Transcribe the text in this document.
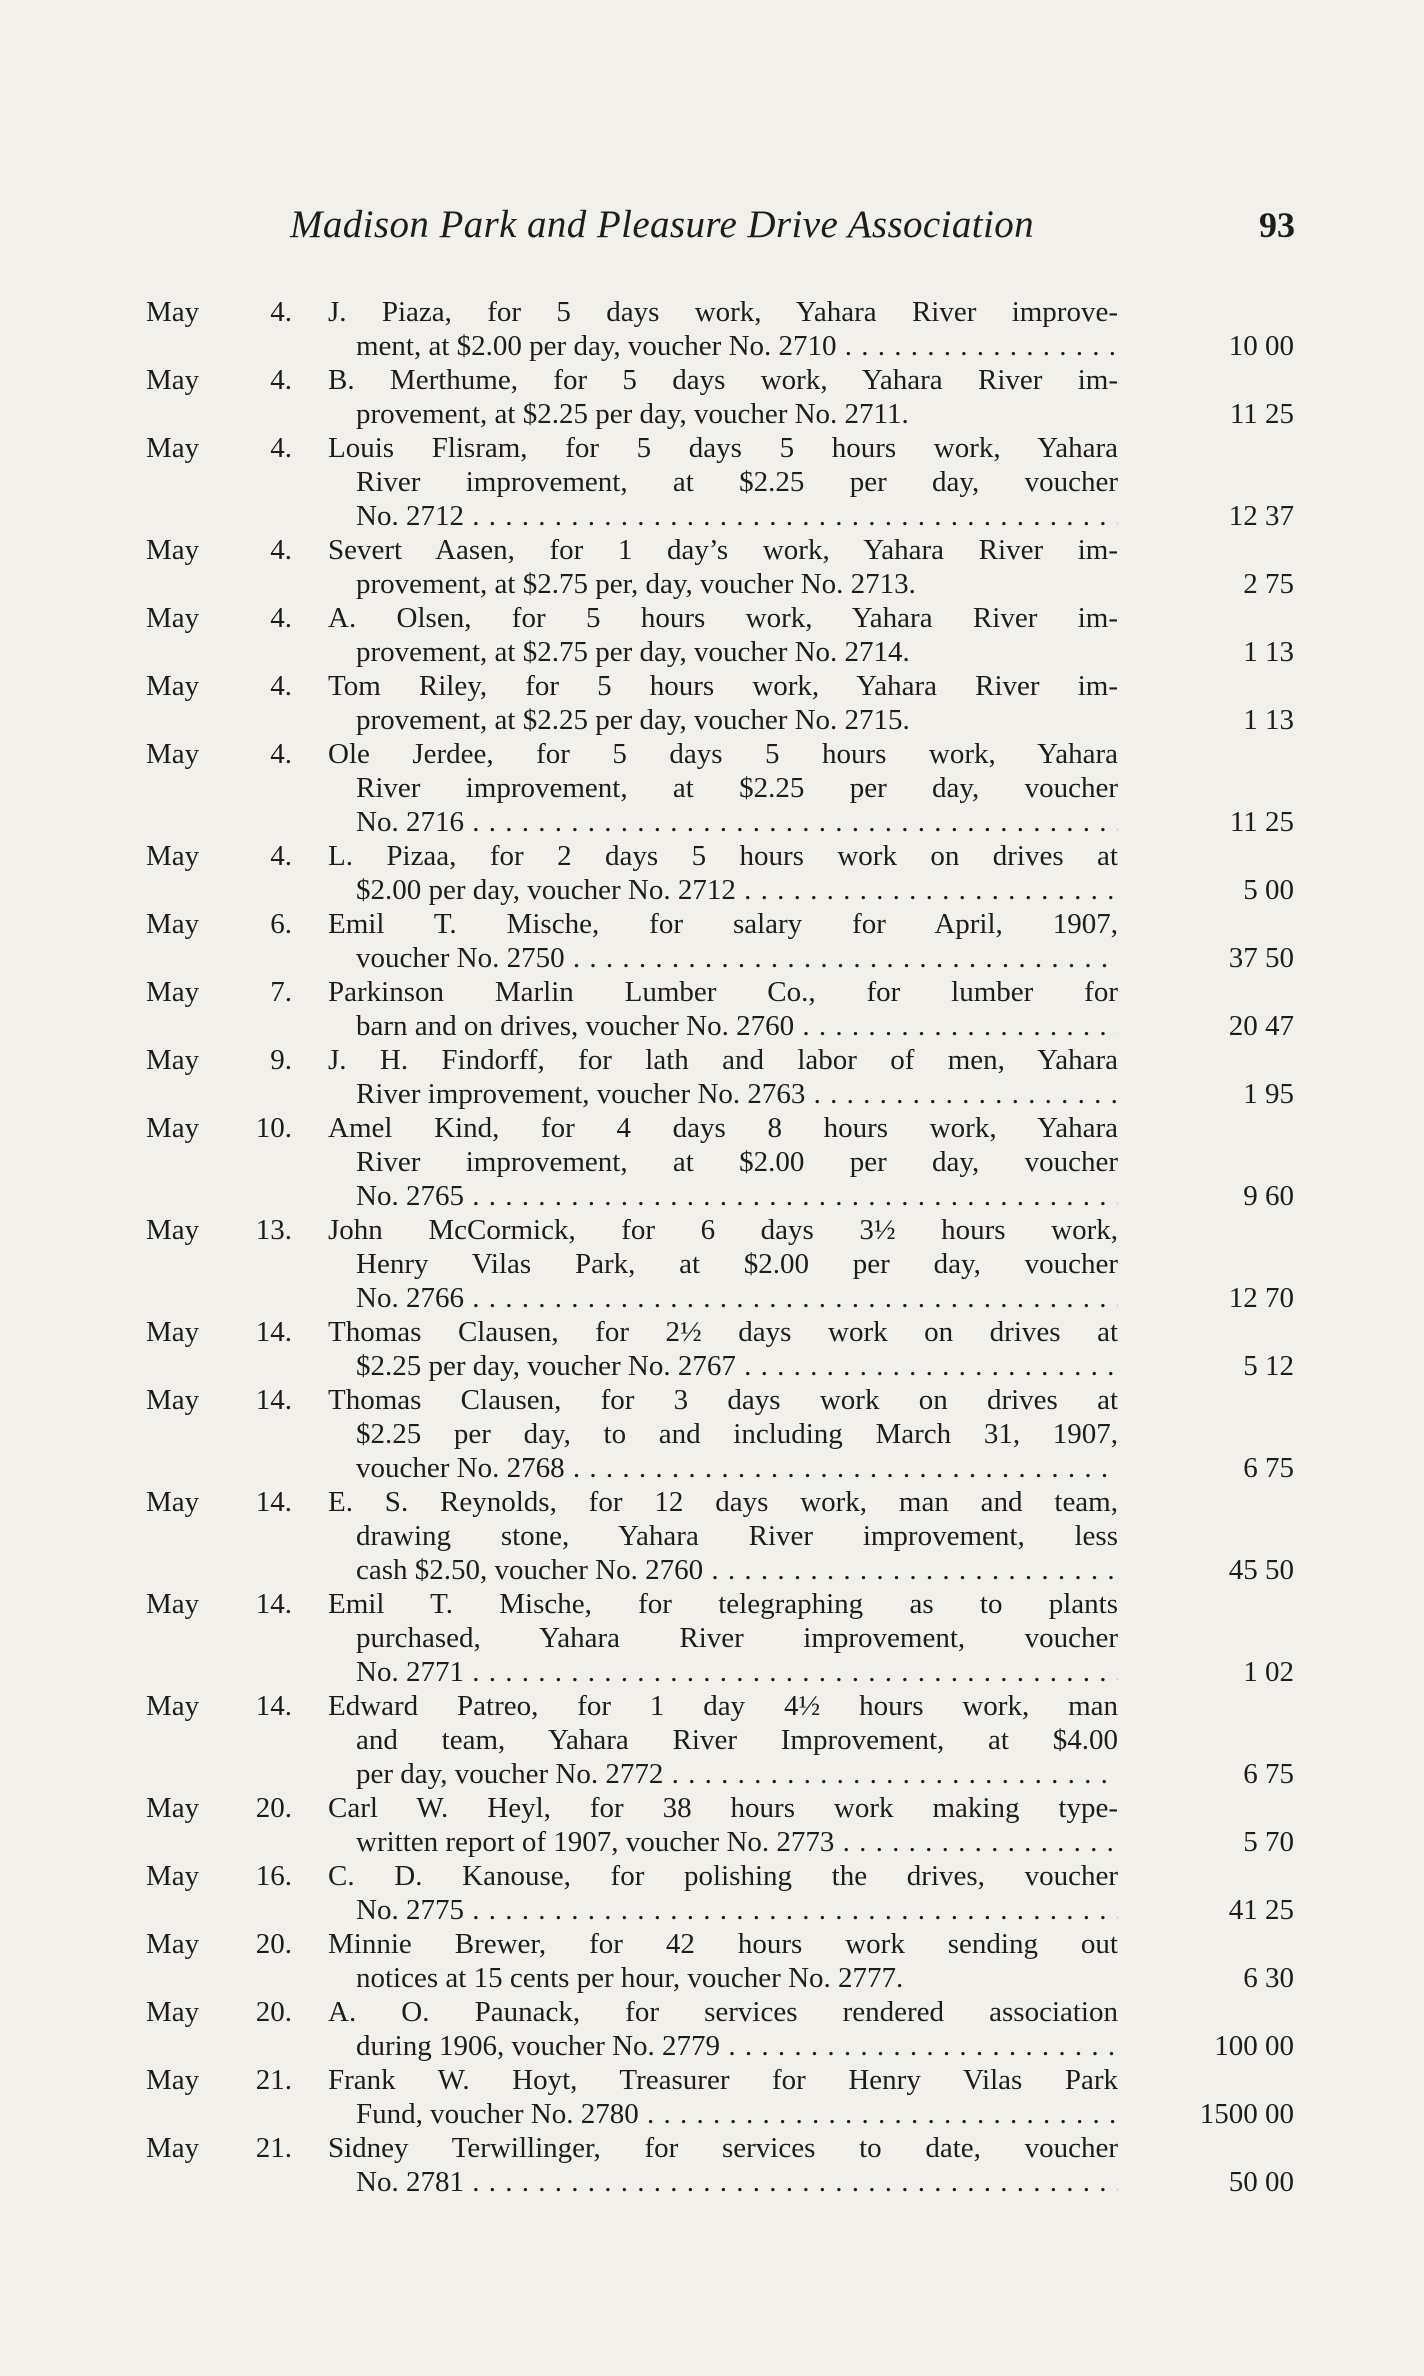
Madison Park and Pleasure Drive Association	93
May	4. J. Piaza, for 5 days work, Yahara River improve-
ment, at $2.00 per day, voucher No. 2710 . . .	10 00
May	4. B. Merthume, for 5 days work, Yahara River im-
provement, at $2.25 per day, voucher No. 2711.	11 25
May	4. Louis Flisram, for 5 days 5 hours work, Yahara
River improvement, at $2.25 per day, voucher
No. 2712 . . .	12 37
May	4. Severt Aasen, for 1 day’s work, Yahara River im-
provement, at $2.75 per, day, voucher No. 2713.	2 75
May	4. A. Olsen, for 5 hours work, Yahara River im-
provement, at $2.75 per day, voucher No. 2714.	1 13
May	4. Tom Riley, for 5 hours work, Yahara River im-
provement, at $2.25 per day, voucher No. 2715.	1 13
May	4. Ole Jerdee, for 5 days 5 hours work, Yahara
River improvement, at $2.25 per day, voucher
No. 2716 . . .	11 25
May	4. L. Pizaa, for 2 days 5 hours work on drives at
$2.00 per day, voucher No. 2712 . . .	5 00
May	6. Emil T. Mische, for salary for April, 1907,
voucher No. 2750 . . .	37 50
May	7. Parkinson Marlin Lumber Co., for lumber for
barn and on drives, voucher No. 2760 . . .	20 47
May	9. J. H. Findorff, for lath and labor of men, Yahara
River improvement, voucher No. 2763 . . .	1 95
May	10. Amel Kind, for 4 days 8 hours work, Yahara
River improvement, at $2.00 per day, voucher
No. 2765 . . .	9 60
May	13. John McCormick, for 6 days 3½ hours work,
Henry Vilas Park, at $2.00 per day, voucher
No. 2766 . . .	12 70
May	14. Thomas Clausen, for 2½ days work on drives at
$2.25 per day, voucher No. 2767 . . .	5 12
May	14. Thomas Clausen, for 3 days work on drives at
$2.25 per day, to and including March 31, 1907,
voucher No. 2768 . . .	6 75
May	14. E. S. Reynolds, for 12 days work, man and team,
drawing stone, Yahara River improvement, less
cash $2.50, voucher No. 2760 . . .	45 50
May	14. Emil T. Mische, for telegraphing as to plants
purchased, Yahara River improvement, voucher
No. 2771 . . .	1 02
May	14. Edward Patreo, for 1 day 4½ hours work, man
and team, Yahara River Improvement, at $4.00
per day, voucher No. 2772 . . .	6 75
May	20. Carl W. Heyl, for 38 hours work making type-
written report of 1907, voucher No. 2773 . . .	5 70
May	16. C. D. Kanouse, for polishing the drives, voucher
No. 2775 . . .	41 25
May	20. Minnie Brewer, for 42 hours work sending out
notices at 15 cents per hour, voucher No. 2777.	6 30
May	20. A. O. Paunack, for services rendered association
during 1906, voucher No. 2779 . . .	100 00
May	21. Frank W. Hoyt, Treasurer for Henry Vilas Park
Fund, voucher No. 2780 . . .	1500 00
May	21. Sidney Terwillinger, for services to date, voucher
No. 2781 . . .	50 00
